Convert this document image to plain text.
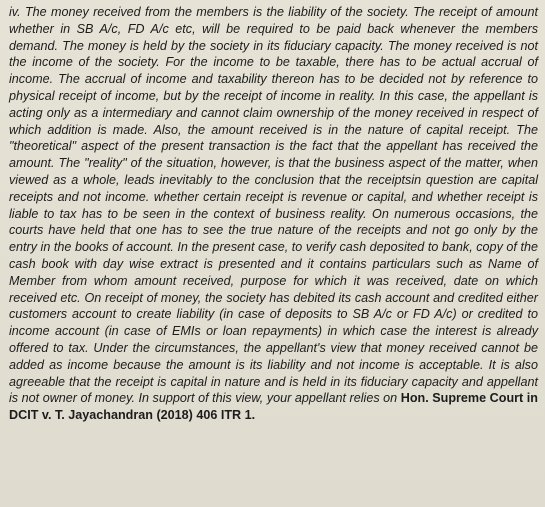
iv. The money received from the members is the liability of the society. The receipt of amount whether in SB A/c, FD A/c etc, will be required to be paid back whenever the members demand. The money is held by the society in its fiduciary capacity. The money received is not the income of the society. For the income to be taxable, there has to be actual accrual of income. The accrual of income and taxability thereon has to be decided not by reference to physical receipt of income, but by the receipt of income in reality. In this case, the appellant is acting only as a intermediary and cannot claim ownership of the money received in respect of which addition is made. Also, the amount received is in the nature of capital receipt. The "theoretical" aspect of the present transaction is the fact that the appellant has received the amount. The "reality" of the situation, however, is that the business aspect of the matter, when viewed as a whole, leads inevitably to the conclusion that the receiptsin question are capital receipts and not income. whether certain receipt is revenue or capital, and whether receipt is liable to tax has to be seen in the context of business reality. On numerous occasions, the courts have held that one has to see the true nature of the receipts and not go only by the entry in the books of account. In the present case, to verify cash deposited to bank, copy of the cash book with day wise extract is presented and it contains particulars such as Name of Member from whom amount received, purpose for which it was received, date on which received etc. On receipt of money, the society has debited its cash account and credited either customers account to create liability (in case of deposits to SB A/c or FD A/c) or credited to income account (in case of EMIs or loan repayments) in which case the interest is already offered to tax. Under the circumstances, the appellant's view that money received cannot be added as income because the amount is its liability and not income is acceptable. It is also agreeable that the receipt is capital in nature and is held in its fiduciary capacity and appellant is not owner of money. In support of this view, your appellant relies on Hon. Supreme Court in DCIT v. T. Jayachandran (2018) 406 ITR 1.
